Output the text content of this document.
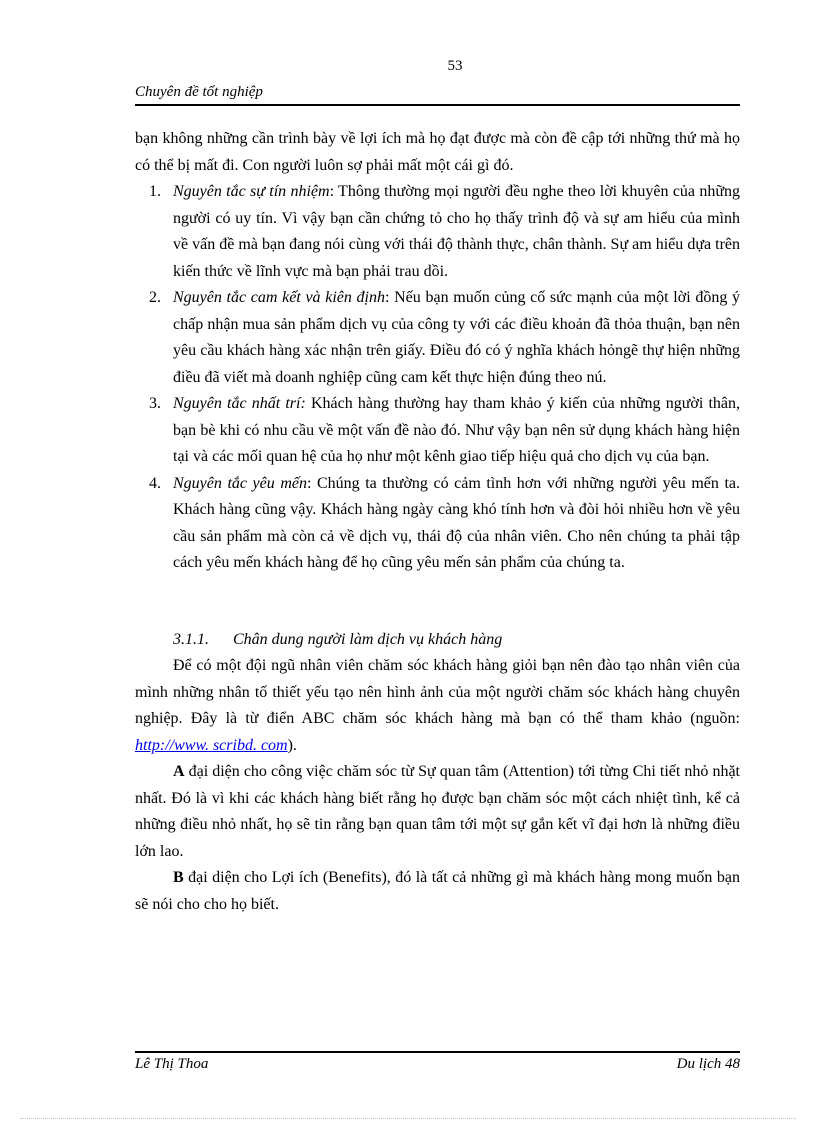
53
Chuyên đề tốt nghiệp

bạn không những cần trình bày về lợi ích mà họ đạt được mà còn đề cập tới những thứ mà họ có thể bị mất đi. Con người luôn sợ phải mất một cái gì đó.

1. Nguyên tắc sự tín nhiệm: Thông thường mọi người đều nghe theo lời khuyên của những người có uy tín. Vì vậy bạn cần chứng tỏ cho họ thấy trình độ và sự am hiểu của mình về vấn đề mà bạn đang nói cùng với thái độ thành thực, chân thành. Sự am hiểu dựa trên kiến thức về lĩnh vực mà bạn phải trau dồi.
2. Nguyên tắc cam kết và kiên định: Nếu bạn muốn củng cố sức mạnh của một lời đồng ý chấp nhận mua sản phẩm dịch vụ của công ty với các điều khoản đã thỏa thuận, bạn nên yêu cầu khách hàng xác nhận trên giấy. Điều đó có ý nghĩa khách hỏngẽ thự hiện những điều đã viết mà doanh nghiệp cũng cam kết thực hiện đúng theo nú.
3. Nguyên tắc nhất trí: Khách hàng thường hay tham khảo ý kiến của những người thân, bạn bè khi có nhu cầu về một vấn đề nào đó. Như vậy bạn nên sử dụng khách hàng hiện tại và các mối quan hệ của họ như một kênh giao tiếp hiệu quả cho dịch vụ của bạn.
4. Nguyên tắc yêu mến: Chúng ta thường có cảm tình hơn với những người yêu mến ta. Khách hàng cũng vậy. Khách hàng ngày càng khó tính hơn và đòi hỏi nhiều hơn về yêu cầu sản phẩm mà còn cả về dịch vụ, thái độ của nhân viên. Cho nên chúng ta phải tập cách yêu mến khách hàng để họ cũng yêu mến sản phẩm của chúng ta.

3.1.1. Chân dung người làm dịch vụ khách hàng

Để có một đội ngũ nhân viên chăm sóc khách hàng giỏi bạn nên đào tạo nhân viên của mình những nhân tố thiết yếu tạo nên hình ảnh của một người chăm sóc khách hàng chuyên nghiệp. Đây là từ điển ABC chăm sóc khách hàng mà bạn có thể tham khảo (nguồn: http://www. scribd. com).

A đại diện cho công việc chăm sóc từ Sự quan tâm (Attention) tới từng Chi tiết nhỏ nhặt nhất. Đó là vì khi các khách hàng biết rằng họ được bạn chăm sóc một cách nhiệt tình, kể cả những điều nhỏ nhất, họ sẽ tin rằng bạn quan tâm tới một sự gắn kết vĩ đại hơn là những điều lớn lao.

B đại diện cho Lợi ích (Benefits), đó là tất cả những gì mà khách hàng mong muốn bạn sẽ nói cho cho họ biết.

Lê Thị Thoa	Du lịch 48
